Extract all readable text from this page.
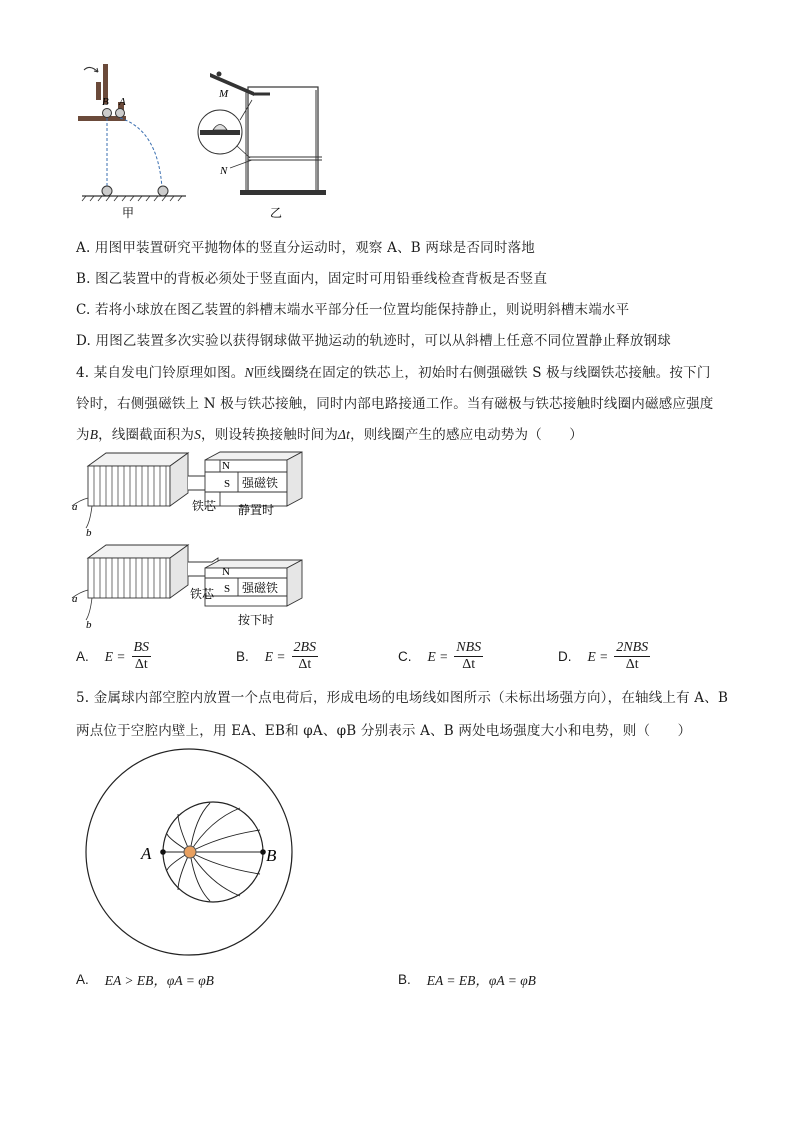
B A
甲
M
N
乙
A. 用图甲装置研究平抛物体的竖直分运动时，观察 A、B 两球是否同时落地
B. 图乙装置中的背板必须处于竖直面内，固定时可用铅垂线检查背板是否竖直
C. 若将小球放在图乙装置的斜槽末端水平部分任一位置均能保持静止，则说明斜槽末端水平
D. 用图乙装置多次实验以获得钢球做平抛运动的轨迹时，可以从斜槽上任意不同位置静止释放钢球
4. 某自发电门铃原理如图。N匝线圈绕在固定的铁芯上，初始时右侧强磁铁 S 极与线圈铁芯接触。按下门
铃时，右侧强磁铁上 N 极与铁芯接触，同时内部电路接通工作。当有磁极与铁芯接触时线圈内磁感应强度
为B，线圈截面积为S，则设转换接触时间为Δt，则线圈产生的感应电动势为（　　）
N
S 强磁铁
a
b
铁芯 静置时
N
S 强磁铁
a
b
铁芯
按下时
A. $E = \frac{BS}{\Delta t}$	B. $E = \frac{2BS}{\Delta t}$	C. $E = \frac{\text{NBS}}{\Delta t}$	D. $E = \frac{\text{2NBS}}{\Delta t}$
5. 金属球内部空腔内放置一个点电荷后，形成电场的电场线如图所示（未标出场强方向），在轴线上有 A、B
两点位于空腔内壁上，用 EA、EB和 φA、φB 分别表示 A、B 两处电场强度大小和电势，则（　　）
A	B
A. EA > EB，φA = φB	B. EA = EB，φA = φB
